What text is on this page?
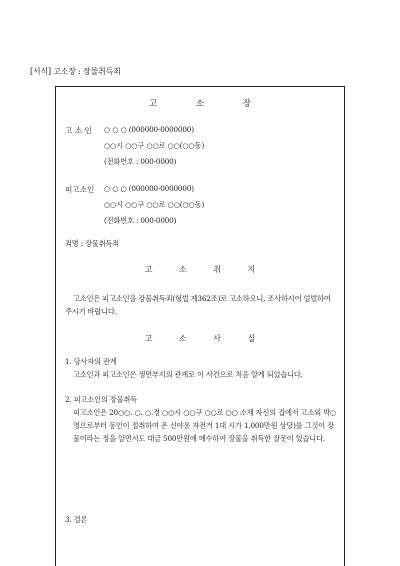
[서식] 고소장 : 장물취득죄
고 소 장
고 소 인 ○ ○ ○ (000000-0000000)
○○시 ○○구 ○○로 ○○(○○동)
(전화번호 : 000-0000)
피고소인 ○ ○ ○ (000000-0000000)
○○시 ○○구 ○○로 ○○(○○동)
(전화번호 : 000-0000)
죄명 : 장물취득죄
고 소 취 지
고소인은 피고소인을 장물취득죄(형법 제362조)로 고소하오니, 조사하시어 엄벌하여 주시기 바랍니다.
고 소 사 실
1. 당사자의 관계
고소인과 피고소인은 생면부지의 관계로 이 사건으로 처음 알게 되었습니다.
2. 피고소인의 장물취득
피고소인은 20○○. ○. ○.경 ○○시 ○○구 ○○로 ○○ 소재 자신의 집에서 고소외 박○영으로부터 동인이 절취하여 온 신야용 자전거 1대 시가 1,000만원 상당)를 그것이 장물이라는 정을 알면서도 대금 500만원에 매수하여 장물을 취득한 잘못이 있습니다.
3. 결론
